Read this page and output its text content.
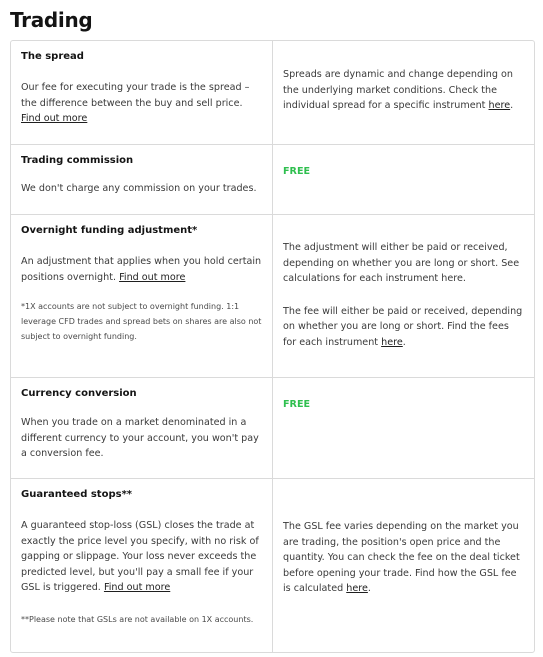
Trading
The spread
Our fee for executing your trade is the spread – the difference between the buy and sell price. Find out more
Spreads are dynamic and change depending on the underlying market conditions. Check the individual spread for a specific instrument here.
Trading commission
We don't charge any commission on your trades.
FREE
Overnight funding adjustment*
An adjustment that applies when you hold certain positions overnight. Find out more
*1X accounts are not subject to overnight funding. 1:1 leverage CFD trades and spread bets on shares are also not subject to overnight funding.
The adjustment will either be paid or received, depending on whether you are long or short. See calculations for each instrument here.
The fee will either be paid or received, depending on whether you are long or short. Find the fees for each instrument here.
Currency conversion
When you trade on a market denominated in a different currency to your account, you won't pay a conversion fee.
FREE
Guaranteed stops**
A guaranteed stop-loss (GSL) closes the trade at exactly the price level you specify, with no risk of gapping or slippage. Your loss never exceeds the predicted level, but you'll pay a small fee if your GSL is triggered. Find out more
**Please note that GSLs are not available on 1X accounts.
The GSL fee varies depending on the market you are trading, the position's open price and the quantity. You can check the fee on the deal ticket before opening your trade. Find how the GSL fee is calculated here.
